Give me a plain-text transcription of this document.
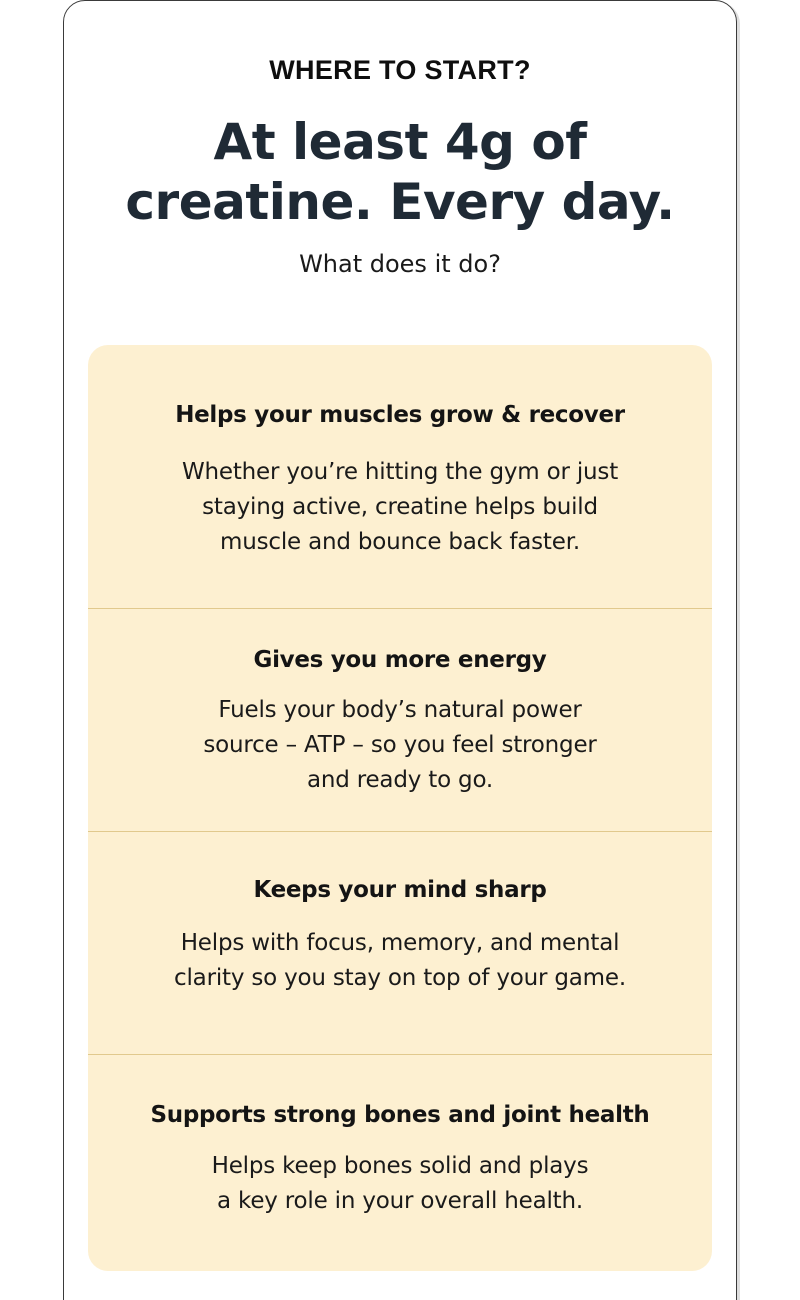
WHERE TO START?
At least 4g of
creatine. Every day.
What does it do?
Helps your muscles grow & recover
Whether you’re hitting the gym or just
staying active, creatine helps build
muscle and bounce back faster.
Gives you more energy
Fuels your body’s natural power
source – ATP – so you feel stronger
and ready to go.
Keeps your mind sharp
Helps with focus, memory, and mental
clarity so you stay on top of your game.
Supports strong bones and joint health
Helps keep bones solid and plays
a key role in your overall health.
